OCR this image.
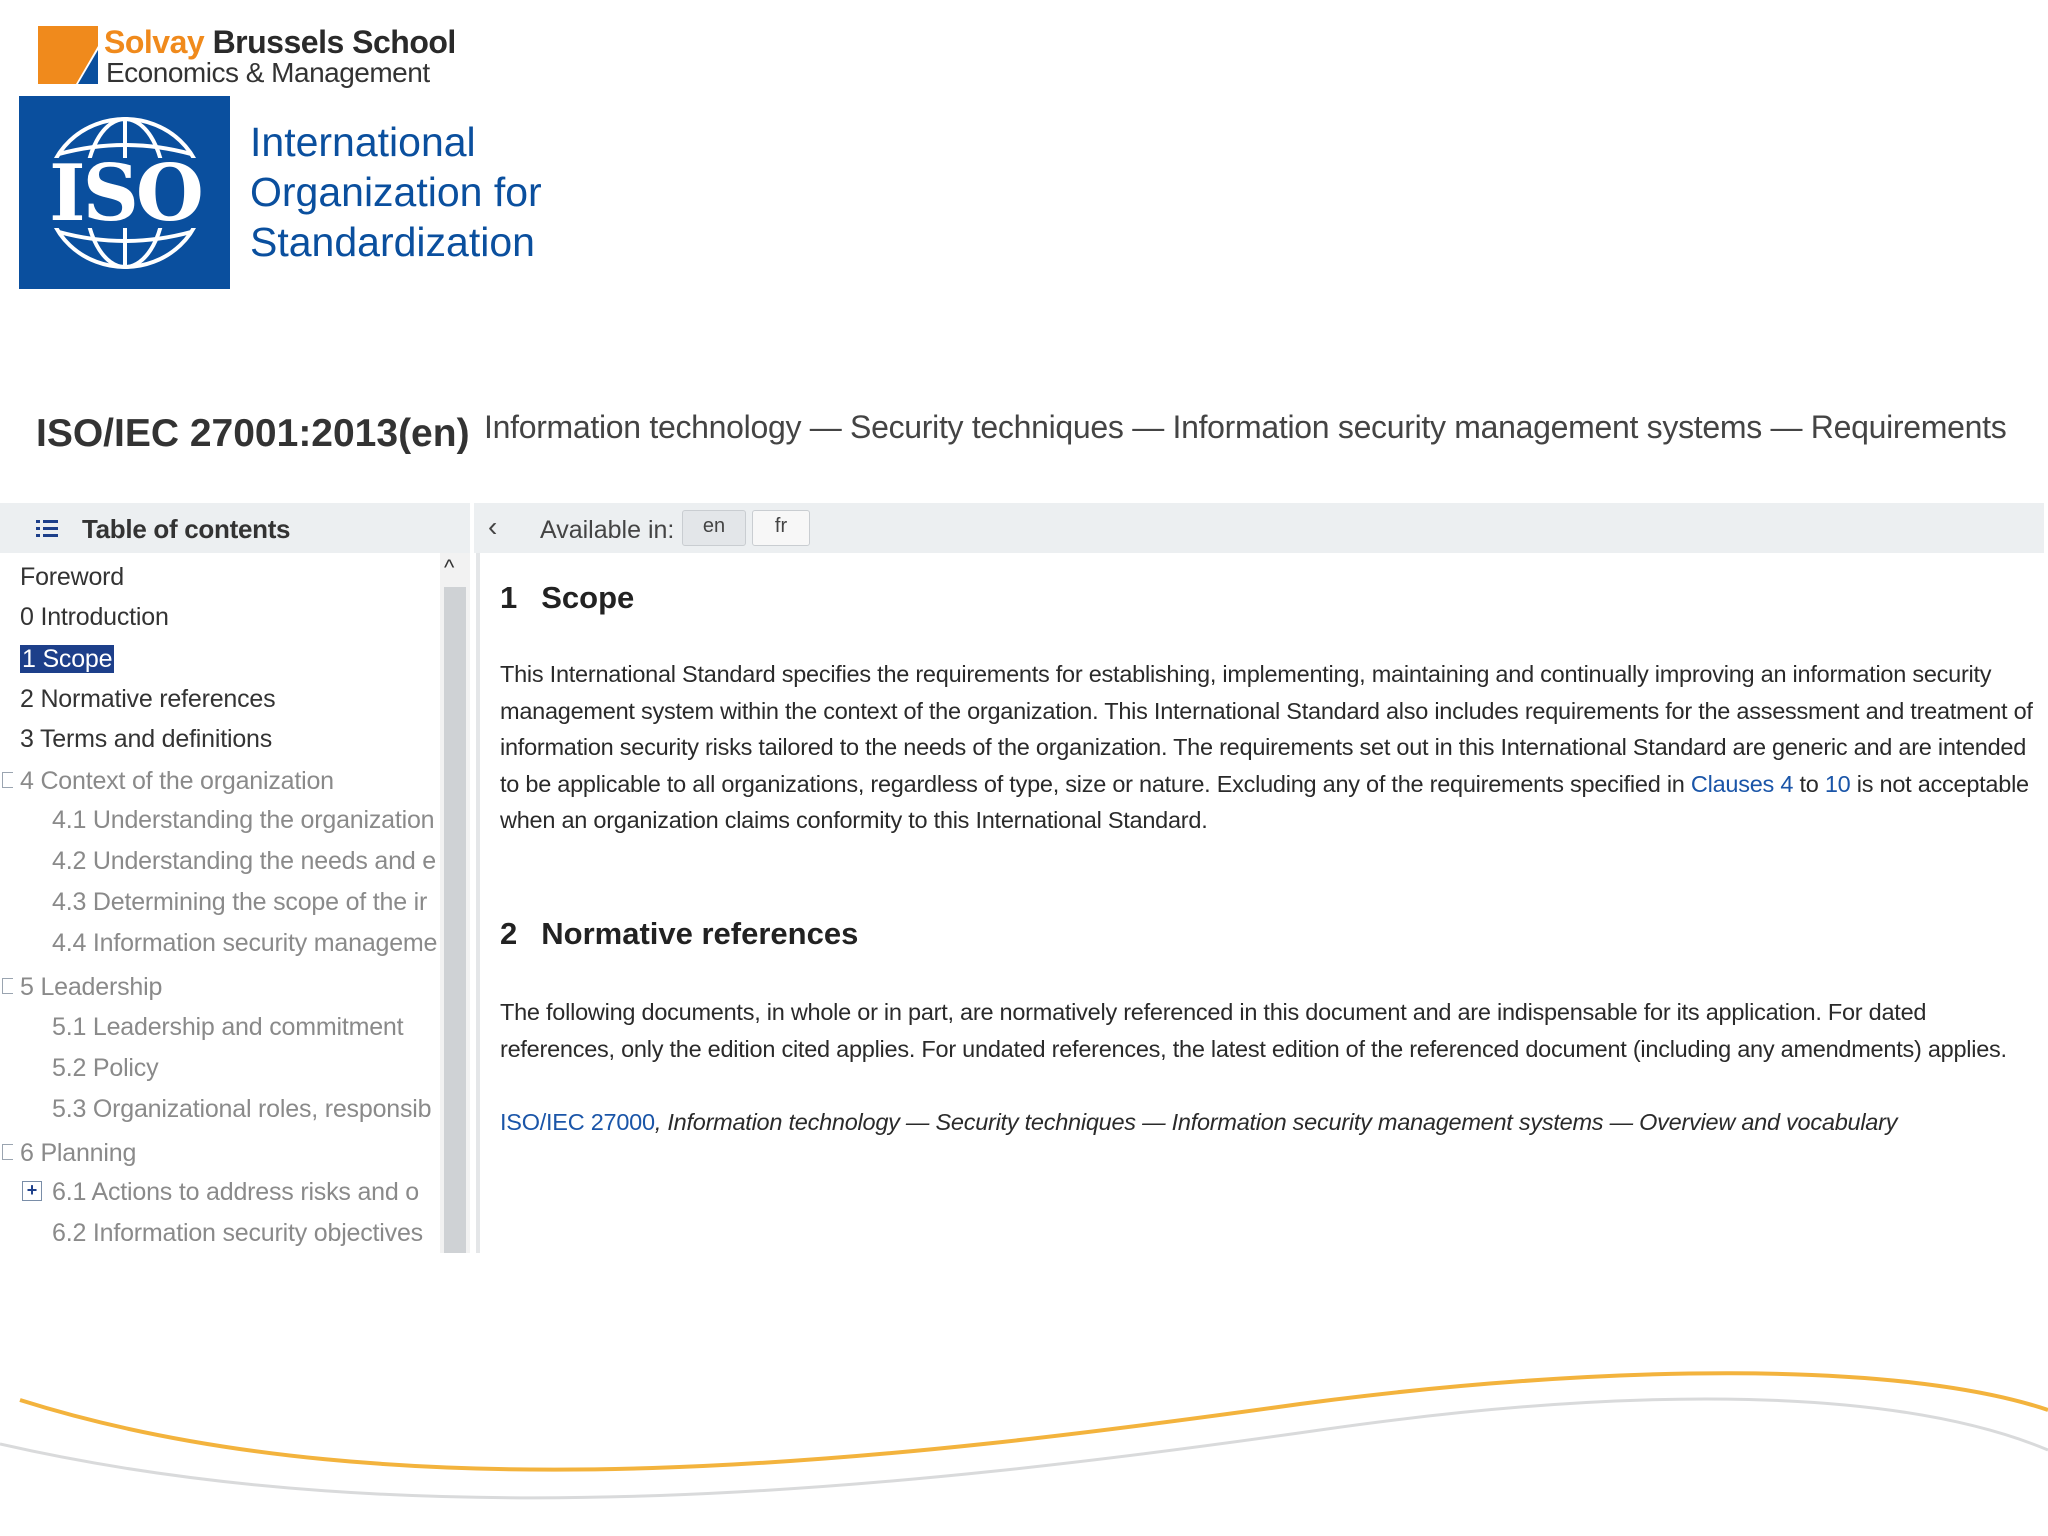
Solvay Brussels School
Economics & Management
ISO
International
Organization for
Standardization
ISO/IEC 27001:2013(en) Information technology — Security techniques — Information security management systems — Requirements
Table of contents	‹ Available in:	en	fr
Foreword
0 Introduction
1 Scope
2 Normative references
3 Terms and definitions
4 Context of the organization
4.1 Understanding the organization
4.2 Understanding the needs and e
4.3 Determining the scope of the ir
4.4 Information security manageme
5 Leadership
5.1 Leadership and commitment
5.2 Policy
5.3 Organizational roles, responsib
6 Planning
+ 6.1 Actions to address risks and o
6.2 Information security objectives
^
1 Scope
This International Standard specifies the requirements for establishing, implementing, maintaining and continually improving an information security management system within the context of the organization. This International Standard also includes requirements for the assessment and treatment of information security risks tailored to the needs of the organization. The requirements set out in this International Standard are generic and are intended to be applicable to all organizations, regardless of type, size or nature. Excluding any of the requirements specified in Clauses 4 to 10 is not acceptable when an organization claims conformity to this International Standard.
2 Normative references
The following documents, in whole or in part, are normatively referenced in this document and are indispensable for its application. For dated references, only the edition cited applies. For undated references, the latest edition of the referenced document (including any amendments) applies.
ISO/IEC 27000, Information technology — Security techniques — Information security management systems — Overview and vocabulary
